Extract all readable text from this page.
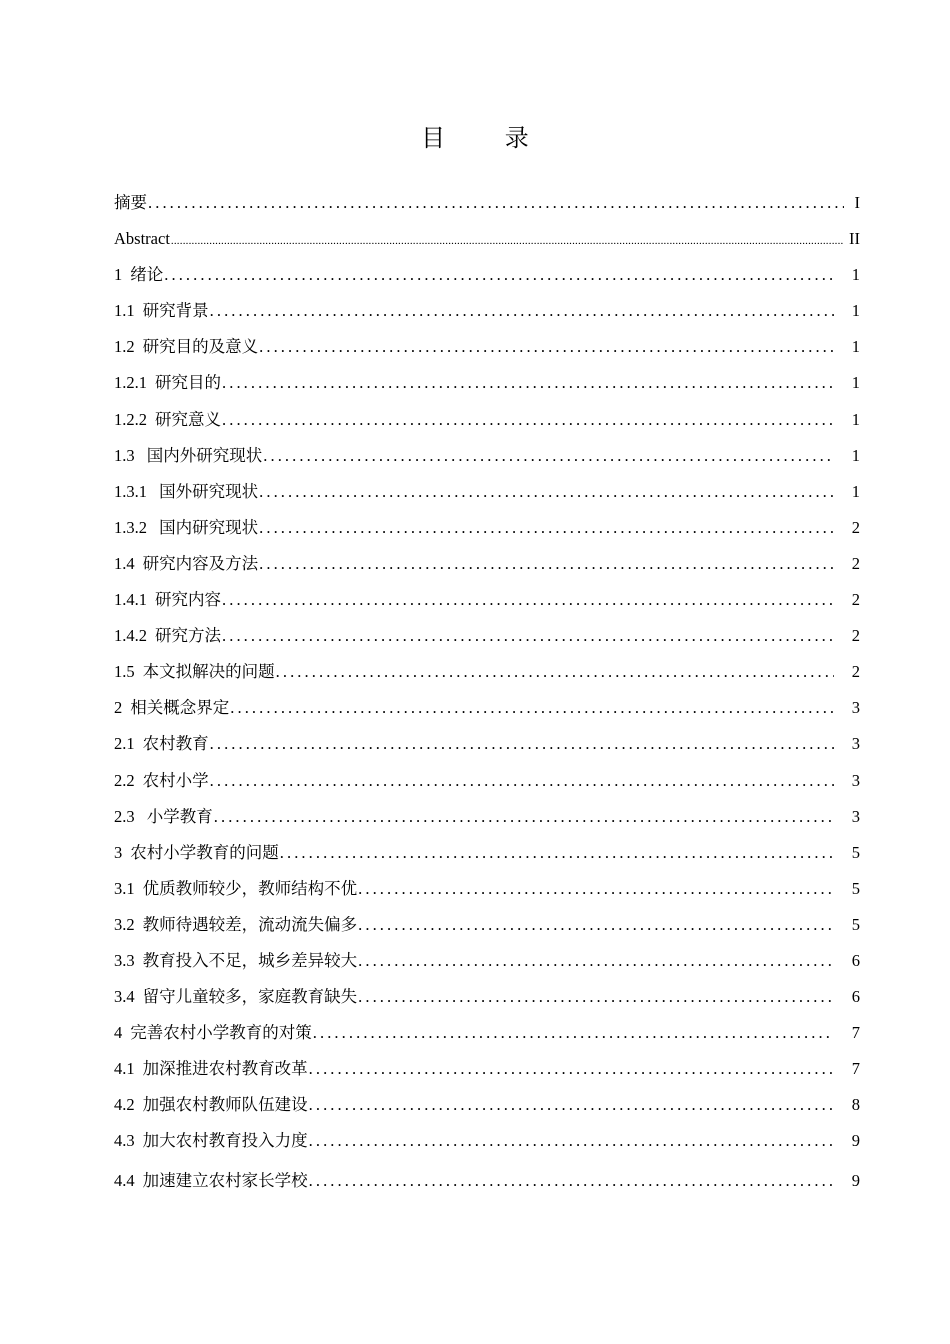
目 录
摘要 .....	I
Abstract .....	II
1 绪论 .....	1
1.1 研究背景 .....	1
1.2 研究目的及意义 .....	1
1.2.1 研究目的 .....	1
1.2.2 研究意义 .....	1
1.3 国内外研究现状 .....	1
1.3.1 国外研究现状 .....	1
1.3.2 国内研究现状 .....	2
1.4 研究内容及方法 .....	2
1.4.1 研究内容 .....	2
1.4.2 研究方法 .....	2
1.5 本文拟解决的问题 .....	2
2 相关概念界定 .....	3
2.1 农村教育 .....	3
2.2 农村小学 .....	3
2.3 小学教育 .....	3
3 农村小学教育的问题 .....	5
3.1 优质教师较少，教师结构不优 .....	5
3.2 教师待遇较差，流动流失偏多 .....	5
3.3 教育投入不足，城乡差异较大 .....	6
3.4 留守儿童较多，家庭教育缺失 .....	6
4 完善农村小学教育的对策 .....	7
4.1 加深推进农村教育改革 .....	7
4.2 加强农村教师队伍建设 .....	8
4.3 加大农村教育投入力度 .....	9
4.4 加速建立农村家长学校 .....	9
